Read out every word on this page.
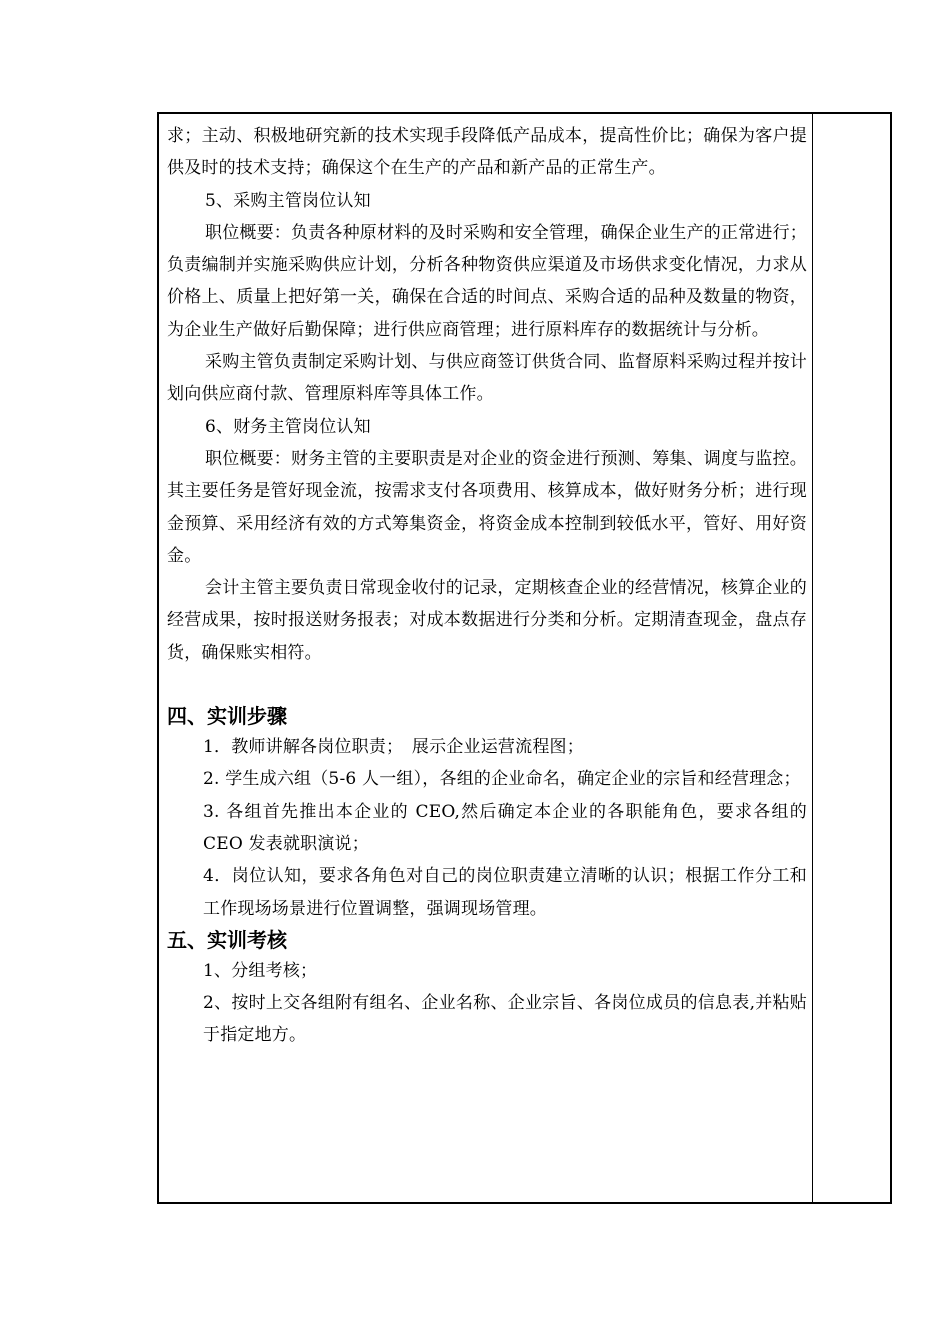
求；主动、积极地研究新的技术实现手段降低产品成本，提高性价比；确保为客户提供及时的技术支持；确保这个在生产的产品和新产品的正常生产。

5、采购主管岗位认知

职位概要：负责各种原材料的及时采购和安全管理，确保企业生产的正常进行；负责编制并实施采购供应计划，分析各种物资供应渠道及市场供求变化情况，力求从价格上、质量上把好第一关，确保在合适的时间点、采购合适的品种及数量的物资，为企业生产做好后勤保障；进行供应商管理；进行原料库存的数据统计与分析。

采购主管负责制定采购计划、与供应商签订供货合同、监督原料采购过程并按计划向供应商付款、管理原料库等具体工作。

6、财务主管岗位认知

职位概要：财务主管的主要职责是对企业的资金进行预测、筹集、调度与监控。其主要任务是管好现金流，按需求支付各项费用、核算成本，做好财务分析；进行现金预算、采用经济有效的方式筹集资金，将资金成本控制到较低水平，管好、用好资金。

会计主管主要负责日常现金收付的记录，定期核查企业的经营情况，核算企业的经营成果，按时报送财务报表；对成本数据进行分类和分析。定期清查现金，盘点存货，确保账实相符。

四、实训步骤

1．教师讲解各岗位职责；　展示企业运营流程图；

2. 学生成六组（5-6 人一组），各组的企业命名，确定企业的宗旨和经营理念；

3. 各组首先推出本企业的 CEO,然后确定本企业的各职能角色，要求各组的 CEO 发表就职演说；

4．岗位认知，要求各角色对自己的岗位职责建立清晰的认识；根据工作分工和工作现场场景进行位置调整，强调现场管理。

五、实训考核

1、分组考核；

2、按时上交各组附有组名、企业名称、企业宗旨、各岗位成员的信息表,并粘贴于指定地方。
